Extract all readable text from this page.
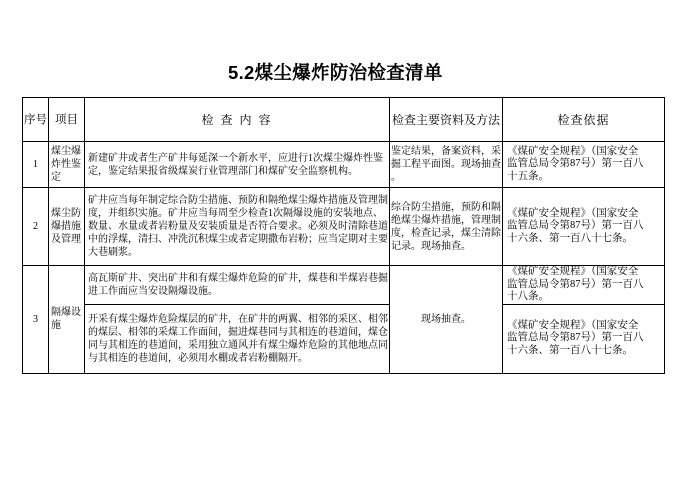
5.2煤尘爆炸防治检查清单
序号	项目	检 查 内 容	检查主要资料及方法	检查依据
1	煤尘爆炸性鉴定	新建矿井或者生产矿井每延深一个新水平，应进行1次煤尘爆炸性鉴定，鉴定结果报省级煤炭行业管理部门和煤矿安全监察机构。	鉴定结果，备案资料，采掘工程平面图。现场抽查。	《煤矿安全规程》（国家安全监管总局令第87号）第一百八十五条。
2	煤尘防爆措施及管理	矿井应当每年制定综合防尘措施、预防和隔绝煤尘爆炸措施及管理制度，并组织实施。矿井应当每周至少检查1次隔爆设施的安装地点、数量、水量或者岩粉量及安装质量是否符合要求。必须及时清除巷道中的浮煤，清扫、冲洗沉积煤尘或者定期撒布岩粉；应当定期对主要大巷刷浆。	综合防尘措施，预防和隔绝煤尘爆炸措施，管理制度，检查记录，煤尘清除记录。现场抽查。	《煤矿安全规程》（国家安全监管总局令第87号）第一百八十六条、第一百八十七条。
3	隔爆设施	高瓦斯矿井、突出矿井和有煤尘爆炸危险的矿井，煤巷和半煤岩巷掘进工作面应当安设隔爆设施。	现场抽查。	《煤矿安全规程》（国家安全监管总局令第87号）第一百八十八条。
		开采有煤尘爆炸危险煤层的矿井，在矿井的两翼、相邻的采区、相邻的煤层、相邻的采煤工作面间，掘进煤巷同与其相连的巷道间，煤仓同与其相连的巷道间，采用独立通风并有煤尘爆炸危险的其他地点同与其相连的巷道间，必须用水棚或者岩粉棚隔开。		《煤矿安全规程》（国家安全监管总局令第87号）第一百八十六条、第一百八十七条。
